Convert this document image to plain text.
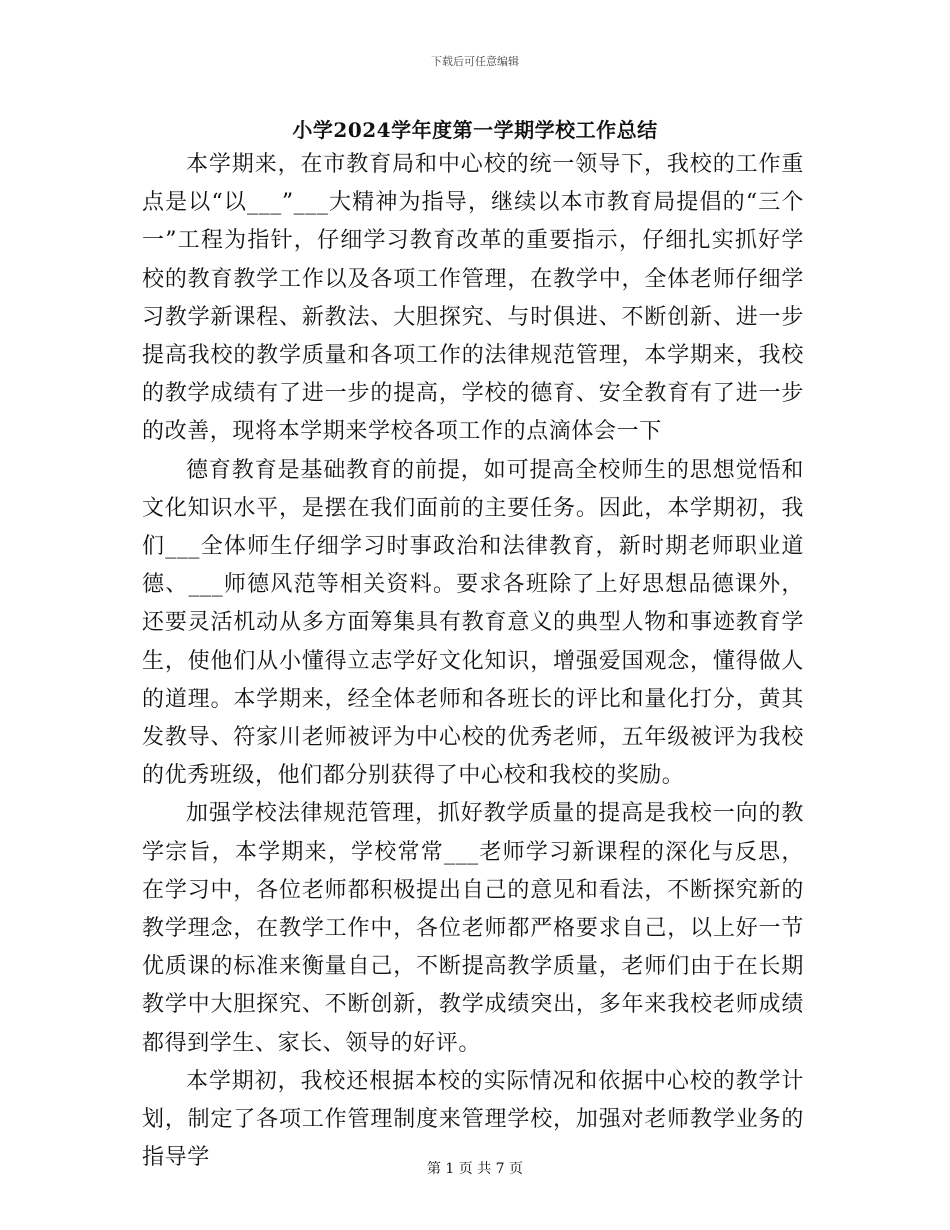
下载后可任意编辑
小学2024学年度第一学期学校工作总结

本学期来，在市教育局和中心校的统一领导下，我校的工作重点是以“以___”___大精神为指导，继续以本市教育局提倡的“三个一”工程为指针，仔细学习教育改革的重要指示，仔细扎实抓好学校的教育教学工作以及各项工作管理，在教学中，全体老师仔细学习教学新课程、新教法、大胆探究、与时俱进、不断创新、进一步提高我校的教学质量和各项工作的法律规范管理，本学期来，我校的教学成绩有了进一步的提高，学校的德育、安全教育有了进一步的改善，现将本学期来学校各项工作的点滴体会一下

德育教育是基础教育的前提，如可提高全校师生的思想觉悟和文化知识水平，是摆在我们面前的主要任务。因此，本学期初，我们___全体师生仔细学习时事政治和法律教育，新时期老师职业道德、___师德风范等相关资料。要求各班除了上好思想品德课外，还要灵活机动从多方面筹集具有教育意义的典型人物和事迹教育学生，使他们从小懂得立志学好文化知识，增强爱国观念，懂得做人的道理。本学期来，经全体老师和各班长的评比和量化打分，黄其发教导、符家川老师被评为中心校的优秀老师，五年级被评为我校的优秀班级，他们都分别获得了中心校和我校的奖励。

加强学校法律规范管理，抓好教学质量的提高是我校一向的教学宗旨，本学期来，学校常常___老师学习新课程的深化与反思，在学习中，各位老师都积极提出自己的意见和看法，不断探究新的教学理念，在教学工作中，各位老师都严格要求自己，以上好一节优质课的标准来衡量自己，不断提高教学质量，老师们由于在长期教学中大胆探究、不断创新，教学成绩突出，多年来我校老师成绩都得到学生、家长、领导的好评。

本学期初，我校还根据本校的实际情况和依据中心校的教学计划，制定了各项工作管理制度来管理学校，加强对老师教学业务的指导学	第 1 页 共 7 页
